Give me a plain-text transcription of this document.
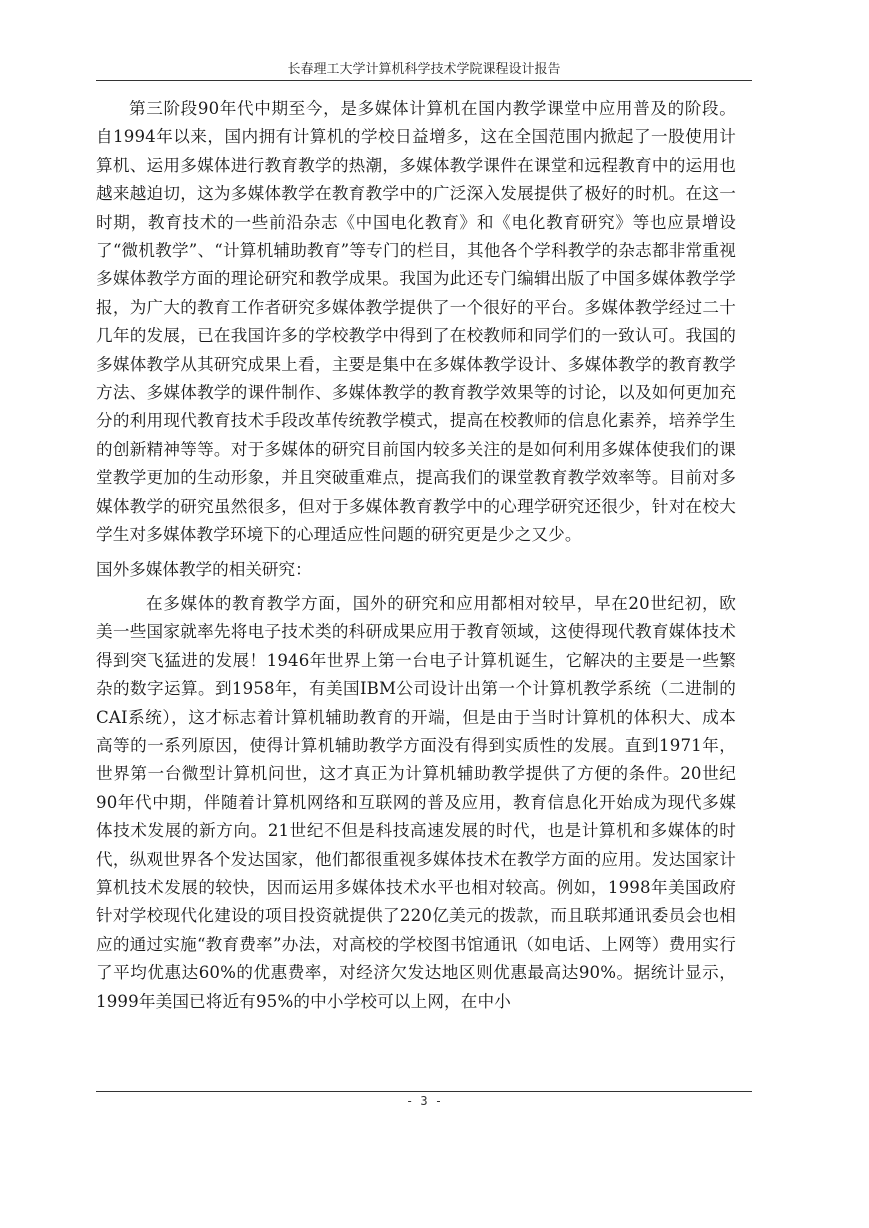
长春理工大学计算机科学技术学院课程设计报告

第三阶段90年代中期至今，是多媒体计算机在国内教学课堂中应用普及的阶段。自1994年以来，国内拥有计算机的学校日益增多，这在全国范围内掀起了一股使用计算机、运用多媒体进行教育教学的热潮，多媒体教学课件在课堂和远程教育中的运用也越来越迫切，这为多媒体教学在教育教学中的广泛深入发展提供了极好的时机。在这一时期，教育技术的一些前沿杂志《中国电化教育》和《电化教育研究》等也应景增设了“微机教学”、“计算机辅助教育”等专门的栏目，其他各个学科教学的杂志都非常重视多媒体教学方面的理论研究和教学成果。我国为此还专门编辑出版了中国多媒体教学学报，为广大的教育工作者研究多媒体教学提供了一个很好的平台。多媒体教学经过二十几年的发展，已在我国许多的学校教学中得到了在校教师和同学们的一致认可。我国的多媒体教学从其研究成果上看，主要是集中在多媒体教学设计、多媒体教学的教育教学方法、多媒体教学的课件制作、多媒体教学的教育教学效果等的讨论，以及如何更加充分的利用现代教育技术手段改革传统教学模式，提高在校教师的信息化素养，培养学生的创新精神等等。对于多媒体的研究目前国内较多关注的是如何利用多媒体使我们的课堂教学更加的生动形象，并且突破重难点，提高我们的课堂教育教学效率等。目前对多媒体教学的研究虽然很多，但对于多媒体教育教学中的心理学研究还很少，针对在校大学生对多媒体教学环境下的心理适应性问题的研究更是少之又少。

国外多媒体教学的相关研究：

在多媒体的教育教学方面，国外的研究和应用都相对较早，早在20世纪初，欧美一些国家就率先将电子技术类的科研成果应用于教育领域，这使得现代教育媒体技术得到突飞猛进的发展！1946年世界上第一台电子计算机诞生，它解决的主要是一些繁杂的数字运算。到1958年，有美国IBM公司设计出第一个计算机教学系统（二进制的CAI系统），这才标志着计算机辅助教育的开端，但是由于当时计算机的体积大、成本高等的一系列原因，使得计算机辅助教学方面没有得到实质性的发展。直到1971年，世界第一台微型计算机问世，这才真正为计算机辅助教学提供了方便的条件。20世纪90年代中期，伴随着计算机网络和互联网的普及应用，教育信息化开始成为现代多媒体技术发展的新方向。21世纪不但是科技高速发展的时代，也是计算机和多媒体的时代，纵观世界各个发达国家，他们都很重视多媒体技术在教学方面的应用。发达国家计算机技术发展的较快，因而运用多媒体技术水平也相对较高。例如，1998年美国政府针对学校现代化建设的项目投资就提供了220亿美元的拨款，而且联邦通讯委员会也相应的通过实施“教育费率”办法，对高校的学校图书馆通讯（如电话、上网等）费用实行了平均优惠达60%的优惠费率，对经济欠发达地区则优惠最高达90%。据统计显示，1999年美国已将近有95%的中小学校可以上网，在中小

- 3 -
